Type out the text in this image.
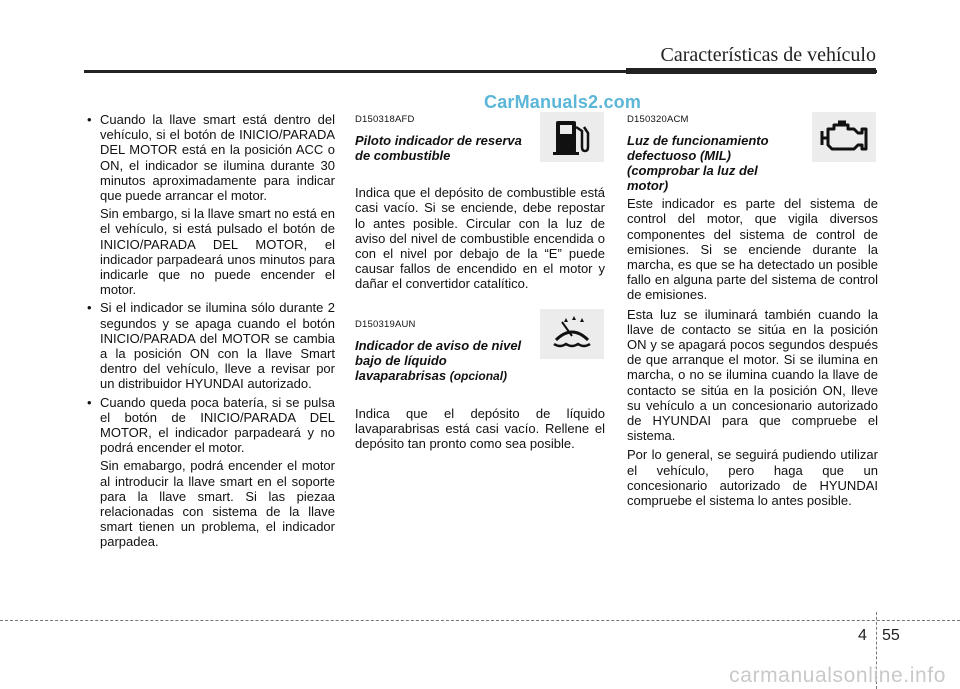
Características de vehículo
CarManuals2.com
• Cuando la llave smart está dentro del vehículo, si el botón de INICIO/PARADA DEL MOTOR está en la posición ACC o ON, el indicador se ilumina durante 30 minutos aproximadamente para indicar que puede arrancar el motor.
Sin embargo, si la llave smart no está en el vehículo, si está pulsado el botón de INICIO/PARADA DEL MOTOR, el indicador parpadeará unos minutos para indicarle que no puede encender el motor.
• Si el indicador se ilumina sólo durante 2 segundos y se apaga cuando el botón INICIO/PARADA del MOTOR se cambia a la posición ON con la llave Smart dentro del vehículo, lleve a revisar por un distribuidor HYUNDAI autorizado.
• Cuando queda poca batería, si se pulsa el botón de INICIO/PARADA DEL MOTOR, el indicador parpadeará y no podrá encender el motor.
Sin emabargo, podrá encender el motor al introducir la llave smart en el soporte para la llave smart. Si las piezaa relacionadas con sistema de la llave smart tienen un problema, el indicador parpadea.
D150318AFD

Piloto indicador de reserva de combustible

Indica que el depósito de combustible está casi vacío. Si se enciende, debe repostar lo antes posible. Circular con la luz de aviso del nivel de combustible encendida o con el nivel por debajo de la “E” puede causar fallos de encendido en el motor y dañar el convertidor catalítico.

D150319AUN

Indicador de aviso de nivel bajo de líquido lavaparabrisas (opcional)

Indica que el depósito de líquido lavaparabrisas está casi vacío. Rellene el depósito tan pronto como sea posible.

D150320ACM

Luz de funcionamiento defectuoso (MIL) (comprobar la luz del motor)

Este indicador es parte del sistema de control del motor, que vigila diversos componentes del sistema de control de emisiones. Si se enciende durante la marcha, es que se ha detectado un posible fallo en alguna parte del sistema de control de emisiones.

Esta luz se iluminará también cuando la llave de contacto se sitúa en la posición ON y se apagará pocos segundos después de que arranque el motor. Si se ilumina en marcha, o no se ilumina cuando la llave de contacto se sitúa en la posición ON, lleve su vehículo a un concesionario autorizado de HYUNDAI para que compruebe el sistema.

Por lo general, se seguirá pudiendo utilizar el vehículo, pero haga que un concesionario autorizado de HYUNDAI compruebe el sistema lo antes posible.

4 55
carmanualsonline.info
